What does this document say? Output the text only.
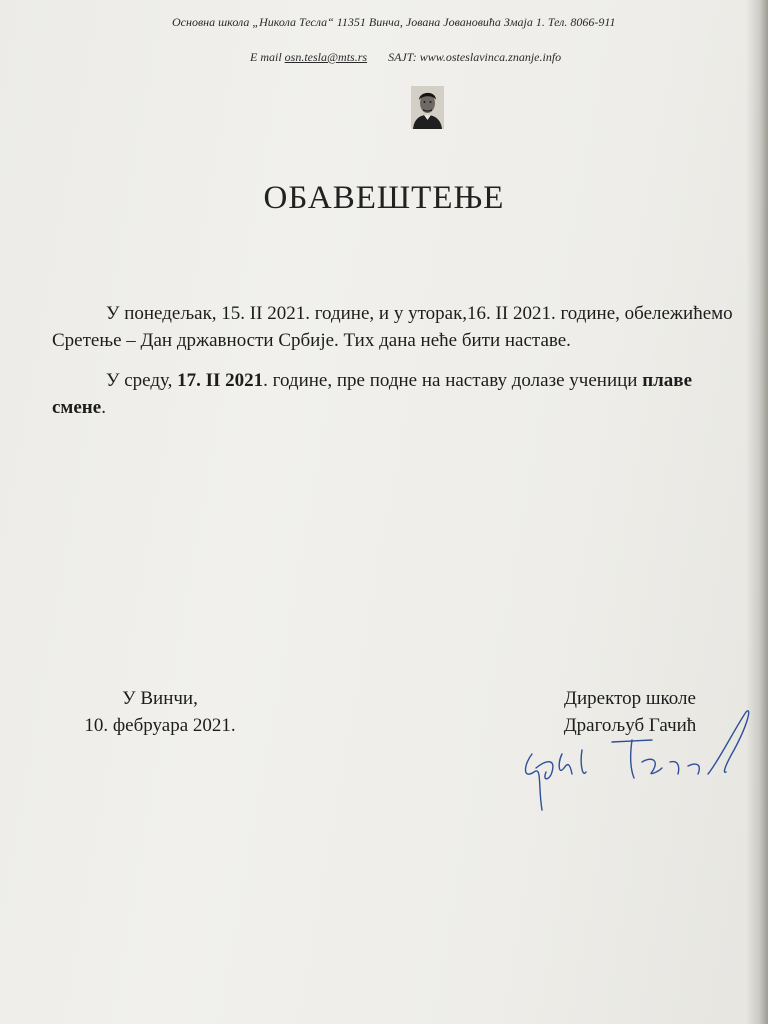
Основна школа „Никола Тесла“ 11351 Винча, Јована Јовановића Змаја 1. Тел. 8066-911
E mail osn.tesla@mts.rs SAJT: www.osteslavinca.znanje.info
ОБАВЕШТЕЊЕ
У понедељак, 15. II 2021. године, и у уторак,16. II 2021. године, обележићемо Сретење – Дан државности Србије. Тих дана неће бити наставе.
У среду, 17. II 2021. године, пре подне на наставу долазе ученици плаве смене.
У Винчи,
10. фебруара 2021.
Директор школе
Драгољуб Гачић
